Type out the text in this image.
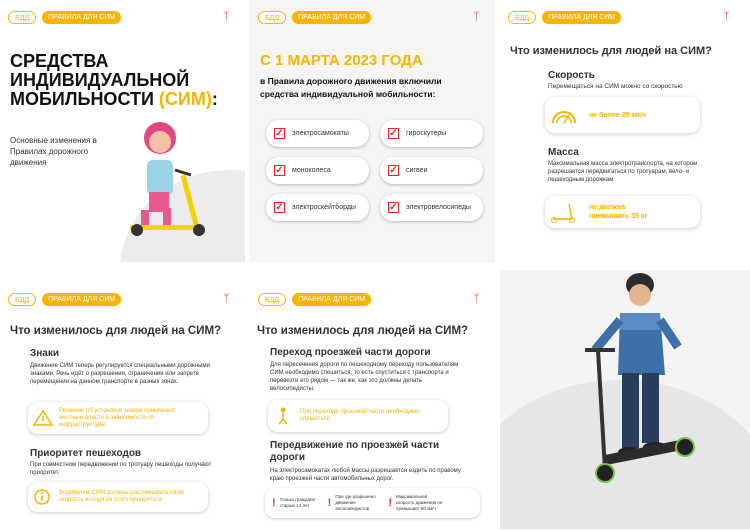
БДД	ПРАВИЛА ДЛЯ СИМ	ᛉ
СРЕДСТВА
ИНДИВИДУАЛЬНОЙ
МОБИЛЬНОСТИ (СИМ):
Основные изменения в Правилах дорожного движения
БДД	ПРАВИЛА ДЛЯ СИМ	ᛉ
С 1 МАРТА 2023 ГОДА
в Правила дорожного движения включили средства индивидуальной мобильности:
✓ электросамокаты	✓ гироскутеры
✓ моноколеса	✓ сигвеи
✓ электроскейтборды	✓ электровелосипеды
БДД	ПРАВИЛА ДЛЯ СИМ	ᛉ
Что изменилось для людей на СИМ?
Скорость
Перемещаться на СИМ можно со скоростью
не более 25 км/ч
Масса
Максимальная масса электротранспорта, на котором разрешается передвигаться по тротуарам, вело- и пешеходным дорожкам
не должна превышать 35 кг
БДД	ПРАВИЛА ДЛЯ СИМ	ᛉ
Что изменилось для людей на СИМ?
Знаки
Движение СИМ теперь регулируется специальными дорожными знаками. Речь идёт о разрешении, ограничении или запрете перемещения на данном транспорте в разных зонах.
Решение об установке знаков принимают местные власти в зависимости от инфраструктуры
Приоритет пешеходов
При совместном передвижении по тротуару пешеходы получают приоритет.
Водителям СИМ должны рассчитывать свою скорость исходя из этого приоритета
БДД	ПРАВИЛА ДЛЯ СИМ	ᛉ
Что изменилось для людей на СИМ?
Переход проезжей части дороги
Для пересечения дороги по пешеходному переходу пользователям СИМ необходимо спешиться, то есть спуститься с транспорта и перевезти его рядом — так же, как это должны делать велосипедисты.
При переходе проезжей части необходимо спешиться
Передвижение по проезжей части дороги
На электросамокатах любой массы разрешается ездить по правому краю проезжей части автомобильных дорог.
! Только граждане старше 14 лет	!
При где разрешено движение велосипедистов	!
Максимальная скорость движения не превышает 60 км/ч
